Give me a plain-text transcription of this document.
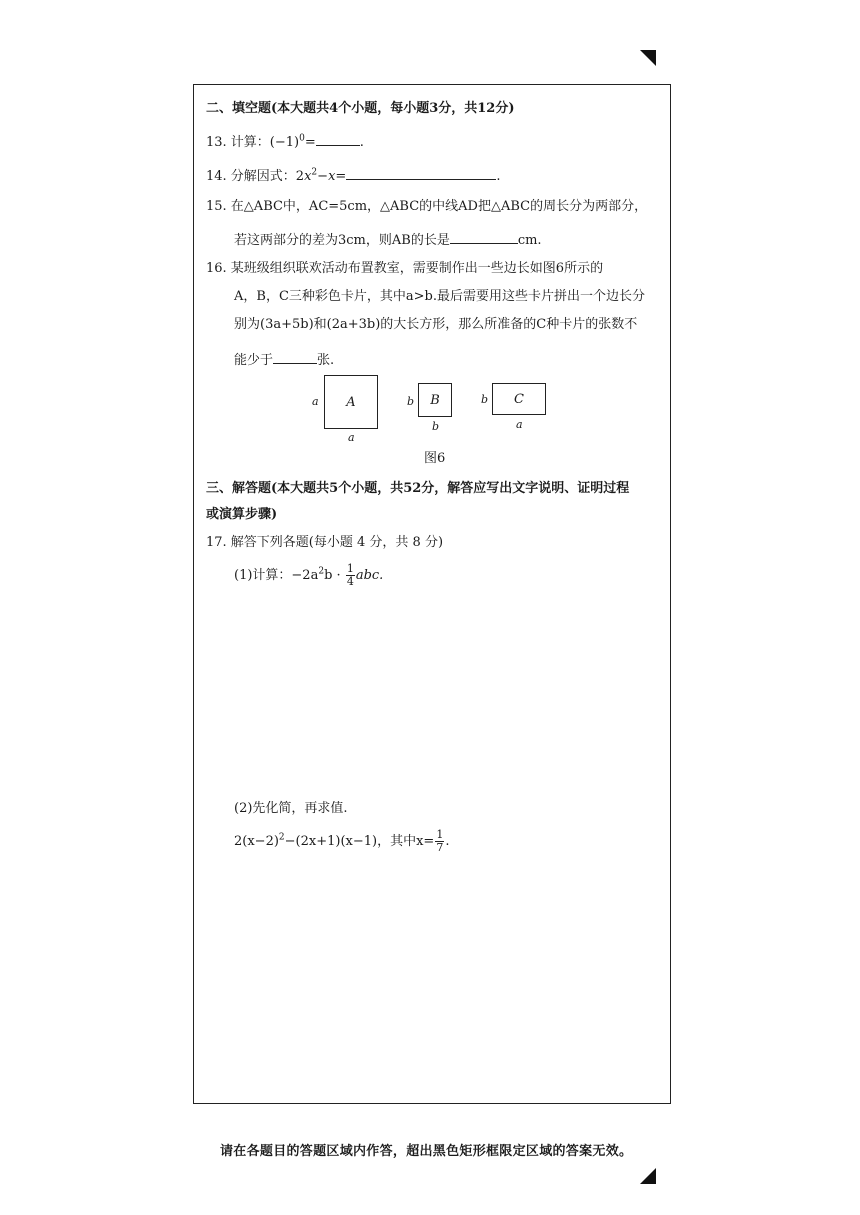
二、填空题(本大题共4个小题，每小题3分，共12分)
13. 计算：$(-1)^0=$	.
14. 分解因式：$2x^2-x=$	.
15. 在△ABC中，AC=5cm，△ABC的中线AD把△ABC的周长分为两部分，
若这两部分的差为3cm，则AB的长是	cm.
16. 某班级组织联欢活动布置教室，需要制作出一些边长如图6所示的
A，B，C三种彩色卡片，其中a>b.最后需要用这些卡片拼出一个边长分
别为(3a+5b)和(2a+3b)的大长方形，那么所准备的C种卡片的张数不
能少于	张.
A
a
a
B
b
b
C
b
a
图6
三、解答题(本大题共5个小题，共52分，解答应写出文字说明、证明过程
或演算步骤)
17. 解答下列各题(每小题 4 分，共 8 分)
(1)计算：$-2a^2b \cdot \frac{1}{4}$ abc.
(2)先化简，再求值.
$2(x-2)^2-(2x+1)(x-1)$，其中$x= \frac{1}{7}$ .
请在各题目的答题区域内作答，超出黑色矩形框限定区域的答案无效。
